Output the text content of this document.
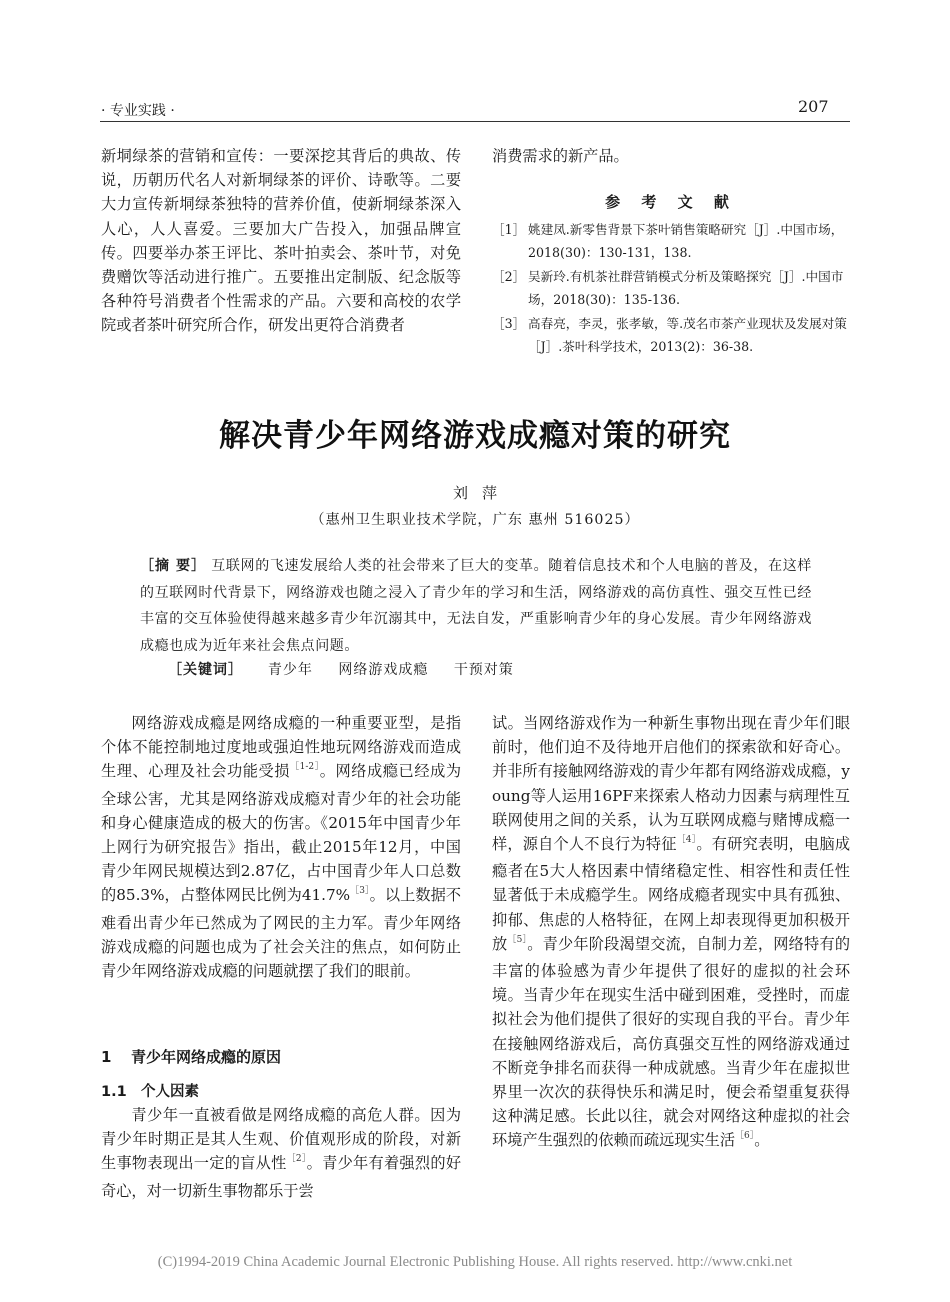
· 专业实践 ·	207

新垌绿茶的营销和宣传：一要深挖其背后的典故、传说，历朝历代名人对新垌绿茶的评价、诗歌等。二要大力宣传新垌绿茶独特的营养价值，使新垌绿茶深入人心，人人喜爱。三要加大广告投入，加强品牌宣传。四要举办茶王评比、茶叶拍卖会、茶叶节，对免费赠饮等活动进行推广。五要推出定制版、纪念版等各种符号消费者个性需求的产品。六要和高校的农学院或者茶叶研究所合作，研发出更符合消费者

消费需求的新产品。

参 考 文 献
［1］ 姚建凤.新零售背景下茶叶销售策略研究［J］.中国市场，2018(30)：130-131，138.
［2］ 吴新玲.有机茶社群营销模式分析及策略探究［J］.中国市场，2018(30)：135-136.
［3］ 高春亮，李灵，张孝敏，等.茂名市茶产业现状及发展对策［J］.茶叶科学技术，2013(2)：36-38.
解决青少年网络游戏成瘾对策的研究
刘萍
（惠州卫生职业技术学院，广东 惠州 516025）

［摘 要］ 互联网的飞速发展给人类的社会带来了巨大的变革。随着信息技术和个人电脑的普及，在这样的互联网时代背景下，网络游戏也随之浸入了青少年的学习和生活，网络游戏的高仿真性、强交互性已经丰富的交互体验使得越来越多青少年沉溺其中，无法自发，严重影响青少年的身心发展。青少年网络游戏成瘾也成为近年来社会焦点问题。

［关键词］ 青少年 网络游戏成瘾 干预对策

网络游戏成瘾是网络成瘾的一种重要亚型，是指个体不能控制地过度地或强迫性地玩网络游戏而造成生理、心理及社会功能受损$^{[1-2]}$。网络成瘾已经成为全球公害，尤其是网络游戏成瘾对青少年的社会功能和身心健康造成的极大的伤害。《2015年中国青少年上网行为研究报告》指出，截止2015年12月，中国青少年网民规模达到2.87亿，占中国青少年人口总数的85.3%，占整体网民比例为41.7%$^{[3]}$。以上数据不难看出青少年已然成为了网民的主力军。青少年网络游戏成瘾的问题也成为了社会关注的焦点，如何防止青少年网络游戏成瘾的问题就摆了我们的眼前。

1 青少年网络成瘾的原因
1.1 个人因素

青少年一直被看做是网络成瘾的高危人群。因为青少年时期正是其人生观、价值观形成的阶段，对新生事物表现出一定的盲从性$^{[2]}$。青少年有着强烈的好奇心，对一切新生事物都乐于尝

试。当网络游戏作为一种新生事物出现在青少年们眼前时，他们迫不及待地开启他们的探索欲和好奇心。并非所有接触网络游戏的青少年都有网络游戏成瘾，young等人运用16PF来探索人格动力因素与病理性互联网使用之间的关系，认为互联网成瘾与赌博成瘾一样，源自个人不良行为特征$^{[4]}$。有研究表明，电脑成瘾者在5大人格因素中情绪稳定性、相容性和责任性显著低于未成瘾学生。网络成瘾者现实中具有孤独、抑郁、焦虑的人格特征，在网上却表现得更加积极开放$^{[5]}$。青少年阶段渴望交流，自制力差，网络特有的丰富的体验感为青少年提供了很好的虚拟的社会环境。当青少年在现实生活中碰到困难，受挫时，而虚拟社会为他们提供了很好的实现自我的平台。青少年在接触网络游戏后，高仿真强交互性的网络游戏通过不断竞争排名而获得一种成就感。当青少年在虚拟世界里一次次的获得快乐和满足时，便会希望重复获得这种满足感。长此以往，就会对网络这种虚拟的社会环境产生强烈的依赖而疏远现实生活$^{[6]}$。

(C)1994-2019 China Academic Journal Electronic Publishing House. All rights reserved. http://www.cnki.net
